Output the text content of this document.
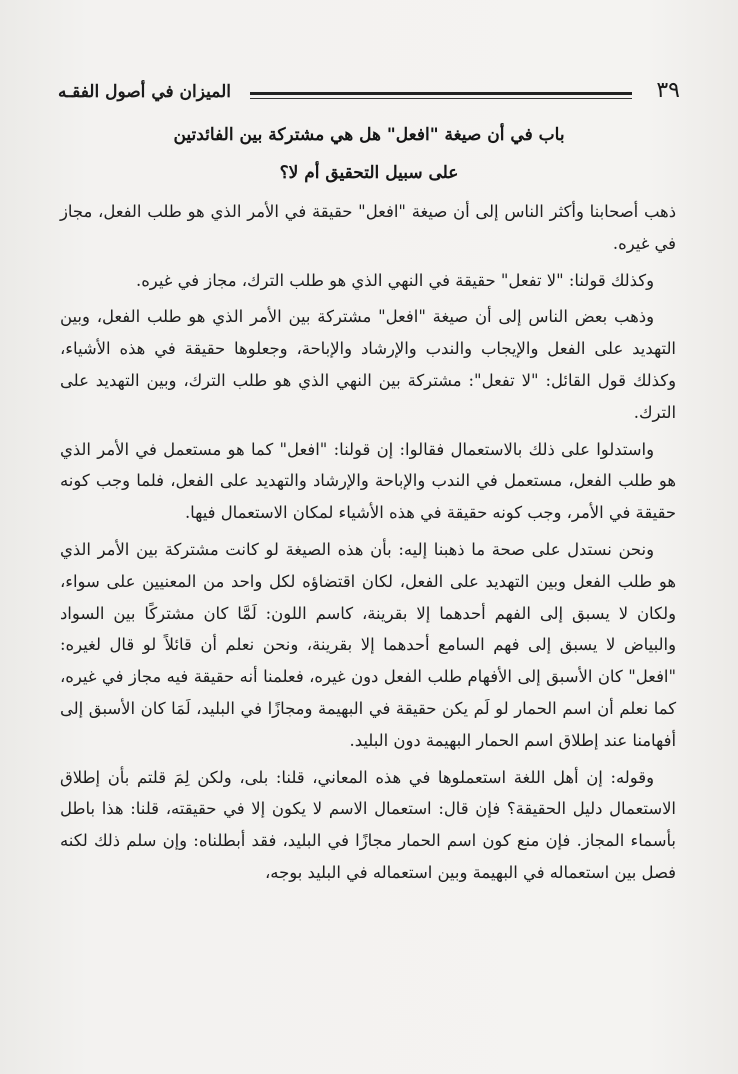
٣٩
الميزان في أصول الفقـه
باب في أن صيغة "افعل" هل هي مشتركة بين الفائدتين
على سبيل التحقيق أم لا؟

ذهب أصحابنا وأكثر الناس إلى أن صيغة "افعل" حقيقة في الأمر الذي هو طلب الفعل، مجاز في غيره.

وكذلك قولنا: "لا تفعل" حقيقة في النهي الذي هو طلب الترك، مجاز في غيره.

وذهب بعض الناس إلى أن صيغة "افعل" مشتركة بين الأمر الذي هو طلب الفعل، وبين التهديد على الفعل والإيجاب والندب والإرشاد والإباحة، وجعلوها حقيقة في هذه الأشياء، وكذلك قول القائل: "لا تفعل": مشتركة بين النهي الذي هو طلب الترك، وبين التهديد على الترك.

واستدلوا على ذلك بالاستعمال فقالوا: إن قولنا: "افعل" كما هو مستعمل في الأمر الذي هو طلب الفعل، مستعمل في الندب والإباحة والإرشاد والتهديد على الفعل، فلما وجب كونه حقيقة في الأمر، وجب كونه حقيقة في هذه الأشياء لمكان الاستعمال فيها.

ونحن نستدل على صحة ما ذهبنا إليه: بأن هذه الصيغة لو كانت مشتركة بين الأمر الذي هو طلب الفعل وبين التهديد على الفعل، لكان اقتضاؤه لكل واحد من المعنيين على سواء، ولكان لا يسبق إلى الفهم أحدهما إلا بقرينة، كاسم اللون: لَمَّا كان مشتركًا بين السواد والبياض لا يسبق إلى فهم السامع أحدهما إلا بقرينة، ونحن نعلم أن قائلاً لو قال لغيره: "افعل" كان الأسبق إلى الأفهام طلب الفعل دون غيره، فعلمنا أنه حقيقة فيه مجاز في غيره، كما نعلم أن اسم الحمار لو لَم يكن حقيقة في البهيمة ومجازًا في البليد، لَمَا كان الأسبق إلى أفهامنا عند إطلاق اسم الحمار البهيمة دون البليد.

وقوله: إن أهل اللغة استعملوها في هذه المعاني، قلنا: بلى، ولكن لِمَ قلتم بأن إطلاق الاستعمال دليل الحقيقة؟ فإن قال: استعمال الاسم لا يكون إلا في حقيقته، قلنا: هذا باطل بأسماء المجاز. فإن منع كون اسم الحمار مجازًا في البليد، فقد أبطلناه: وإن سلم ذلك لكنه فصل بين استعماله في البهيمة وبين استعماله في البليد بوجه،
